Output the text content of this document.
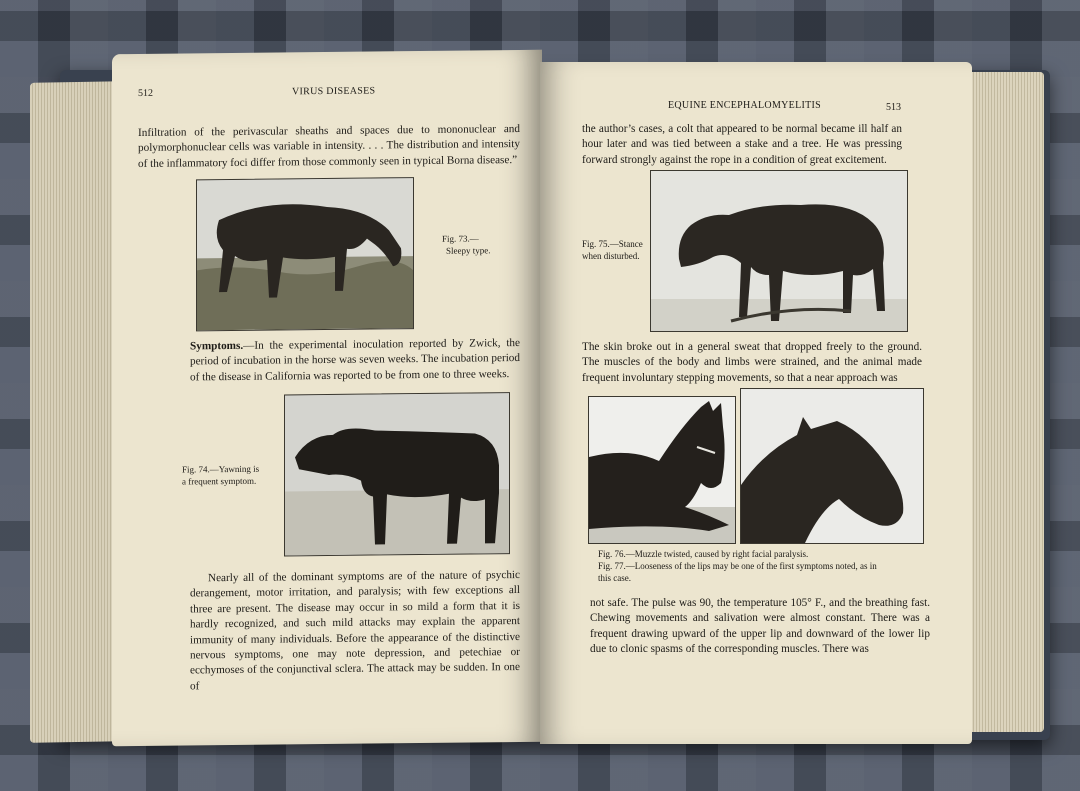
512	VIRUS DISEASES

Infiltration of the perivascular sheaths and spaces due to mononuclear and polymorphonuclear cells was variable in intensity. . . . The distribution and intensity of the inflammatory foci differ from those commonly seen in typical Borna disease.”

Fig. 73.—
Sleepy type.

Symptoms.—In the experimental inoculation reported by Zwick, the period of incubation in the horse was seven weeks. The incubation period of the disease in California was reported to be from one to three weeks.

Fig. 74.—Yawning is
a frequent symptom.

Nearly all of the dominant symptoms are of the nature of psychic derangement, motor irritation, and paralysis; with few exceptions all three are present. The disease may occur in so mild a form that it is hardly recognized, and such mild attacks may explain the apparent immunity of many individuals. Before the appearance of the distinctive nervous symptoms, one may note depression, and petechiae or ecchymoses of the conjunctival sclera. The attack may be sudden. In one of

EQUINE ENCEPHALOMYELITIS	513

the author’s cases, a colt that appeared to be normal became ill half an hour later and was tied between a stake and a tree. He was pressing forward strongly against the rope in a condition of great excitement.

Fig. 75.—Stance
when disturbed.

The skin broke out in a general sweat that dropped freely to the ground. The muscles of the body and limbs were strained, and the animal made frequent involuntary stepping movements, so that a near approach was

Fig. 76.—Muzzle twisted, caused by right facial paralysis.
Fig. 77.—Looseness of the lips may be one of the first symptoms noted, as in
this case.

not safe. The pulse was 90, the temperature 105° F., and the breathing fast. Chewing movements and salivation were almost constant. There was a frequent drawing upward of the upper lip and downward of the lower lip due to clonic spasms of the corresponding muscles. There was
